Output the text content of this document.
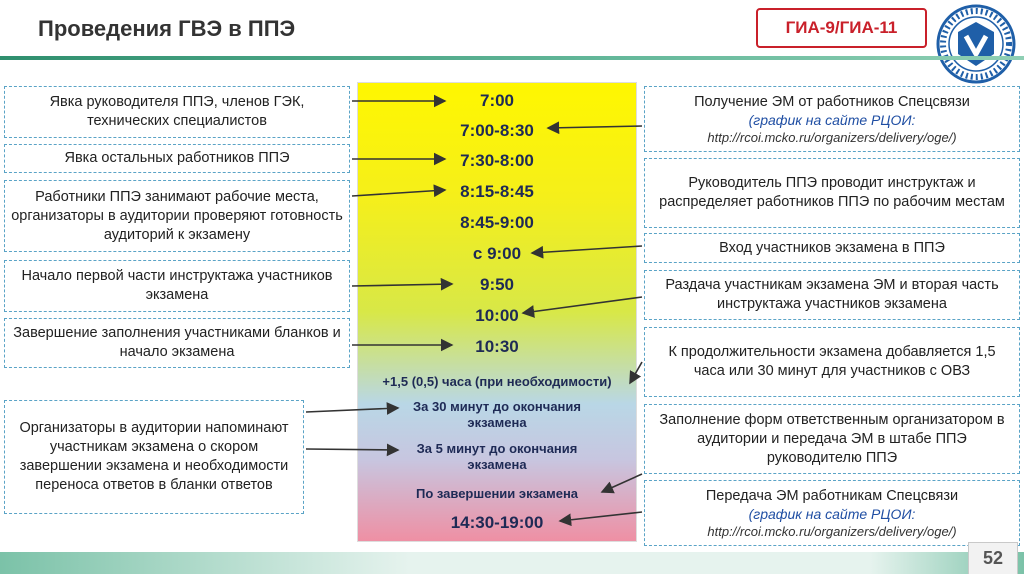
Проведения ГВЭ в ППЭ	ГИА-9/ГИА-11
7:00
7:00-8:30
7:30-8:00
8:15-8:45
8:45-9:00
с 9:00
9:50
10:00
10:30
+1,5 (0,5) часа (при необходимости)
За 30 минут до окончания экзамена
За 5 минут до окончания экзамена
По завершении экзамена
14:30-19:00
Явка руководителя ППЭ, членов ГЭК, технических специалистов
Явка остальных работников ППЭ
Работники ППЭ занимают рабочие места, организаторы в аудитории проверяют готовность аудиторий к экзамену
Начало первой части инструктажа участников экзамена
Завершение заполнения участниками бланков и начало экзамена
Организаторы в аудитории напоминают участникам экзамена о скором завершении экзамена и необходимости переноса ответов в бланки ответов
Получение ЭМ от работников Спецсвязи
(график на сайте РЦОИ:
http://rcoi.mcko.ru/organizers/delivery/oge/)
Руководитель ППЭ проводит инструктаж и распределяет работников ППЭ по рабочим местам
Вход участников экзамена в ППЭ
Раздача участникам экзамена ЭМ и вторая часть инструктажа участников экзамена
К продолжительности экзамена добавляется 1,5 часа или 30 минут для участников с ОВЗ
Заполнение форм ответственным организатором в аудитории и передача ЭМ в штабе ППЭ руководителю ППЭ
Передача ЭМ работникам Спецсвязи
(график на сайте РЦОИ:
http://rcoi.mcko.ru/organizers/delivery/oge/)
52
